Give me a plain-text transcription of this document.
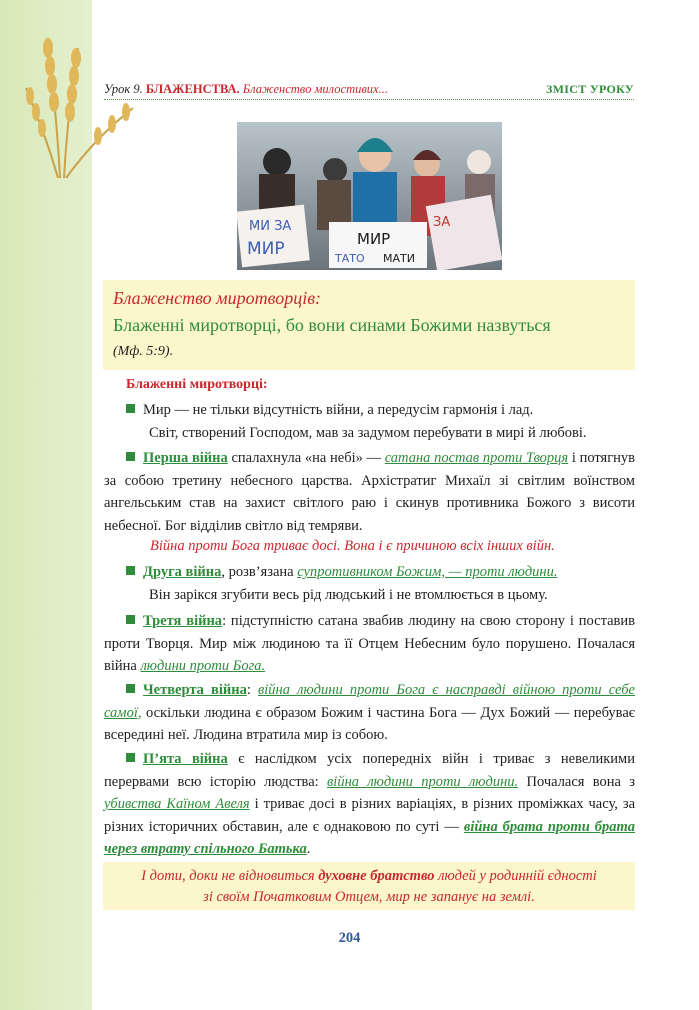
Урок 9. БЛАЖЕНСТВА. Блаженство милостивих...	ЗМІСТ УРОКУ
МИ ЗА
МИР	МИР
ТАТО МАТИ
ЗА
Блаженство миротворців:
Блаженні миротворці, бо вони синами Божими назвуться
(Мф. 5:9).
Блаженні миротворці:
Мир — не тільки відсутність війни, а передусім гармонія і лад.
Світ, створений Господом, мав за задумом перебувати в мирі й любові.
Перша війна спалахнула «на небі» — сатана постав проти Творця і потягнув за собою третину небесного царства. Архістратиг Михаїл зі світлим воїнством ангельським став на захист світлого раю і скинув противника Божого з висоти небесної. Бог відділив світло від темряви.
Війна проти Бога триває досі. Вона і є причиною всіх інших війн.
Друга війна, розв’язана супротивником Божим, — проти людини.
Він зарікся згубити весь рід людський і не втомлюється в цьому.
Третя війна: підступністю сатана звабив людину на свою сторону і поставив проти Творця. Мир між людиною та її Отцем Небесним було порушено. Почалася війна людини проти Бога.
Четверта війна: війна людини проти Бога є насправді війною проти себе самої, оскільки людина є образом Божим і частина Бога — Дух Божий — перебуває всередині неї. Людина втратила мир із собою.
П’ята війна є наслідком усіх попередніх війн і триває з невеликими перервами всю історію людства: війна людини проти людини. Почалася вона з убивства Каїном Авеля і триває досі в різних варіаціях, в різних проміжках часу, за різних історичних обставин, але є однаковою по суті — війна брата проти брата через втрату спільного Батька.
І доти, доки не відновиться духовне братство людей у родинній єдності
зі своїм Початковим Отцем, мир не запанує на землі.
204
